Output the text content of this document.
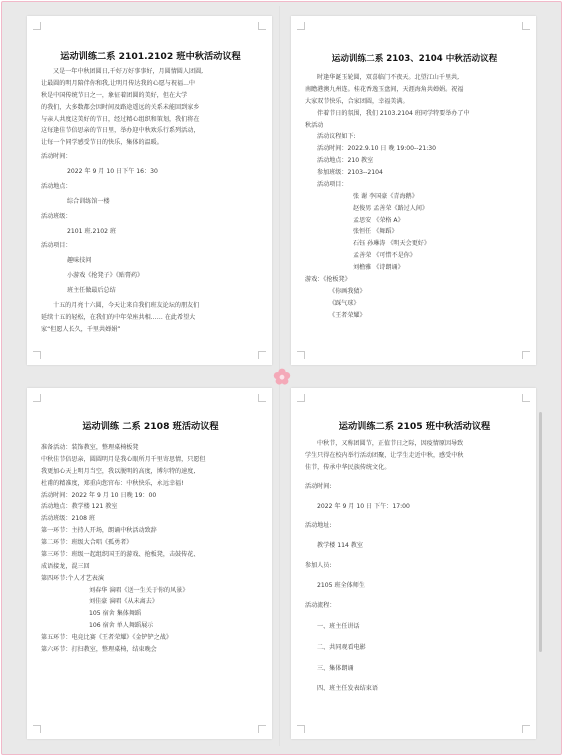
运动训练二系 2101.2102 班中秋活动议程
又是一年中秋团圆日,千好万好事事好，月圆情圆人团圆,
让最圆的明月陪伴你和我,让明月传达我的心愿与祝福...中
秋是中国传统节日之一，象征着团圆的美好，但在大学
的我们，大多数都会因时间及路途遥远的关系未能回到家乡
与亲人共度这美好的节日，经过精心组织和策划，我们将在
这每逢佳节倍思亲的节日里，举办迎中秋欢乐行系列活动，
让每一个同学感受节日的快乐，集体的温暖。
活动时间：
2022 年 9 月 10 日下午 16：30
活动地点：
综合训练馆一楼
活动班级：
2101 班.2102 班
活动项目：
趣味技问
小游戏《抢凳子》《贴膏药》
班主任做最后总结
十五的月亮十六圆，今天让来自我们班友论坛的朋友们
延续十五的轻松，在我们的中年荣座共相…… 在此希望大
家“但愿人长久，千里共婵娟”
运动训练二系 2103、2104 中秋活动议程
时逢华诞玉轮圆，双喜临门不夜天。北望江山千里共,
南瞻港澳九州连。桂花香逸玉盘间，天涯海角共婵娟。祝福
大家双节快乐，合家团圆，幸福美满。
伴着节日的氛围，我们 2103.2104 班同学特要举办了中
秋活动
活动议程如下:
活动时间：2022.9.10 日 晚 19:00--21:30
活动地点：210 教室
参加班级：2103--2104
活动项目：
张 谢 李国豪《青海鹅》
赵俊男 孟善荣《路过人间》
孟思安 《荣格 A》
张恒任 《舞蹈》
石钰 孙琳涛 《明天会更好》
孟善荣 《可惜不是你》
刘橹雅 《诗朗诵》
游戏：《抢板凳》
《你画我猜》
《踩气球》
《王者荣耀》
运动训练 二系 2108 班活动议程
准备活动：装饰教室，整理桌椅板凳
中秋佳节倍思亲，圆圆明月是我心眼所月千里寄思情，只愿但
我更加心天上明月当空，我以脱明的高度，博尔特的速度,
杜甫的精准度，郑重向您官布：中秋快乐，永远幸福!
活动时间：2022 年 9 月 10 日晚 19：00
活动地点：教学楼 121 教室
活动班级：2108 班
第一环节：主持人开场，朗诵中秋活动致辞
第二环节：班级大合唱《孤勇者》
第三环节：班级一起组织国王的游戏、抢板凳，击鼓传花、
成语接龙，混三回
第四环节:个人才艺表演
刘春华 演唱《送一生关于你的风景》
刘佳豪 演唱《从未离去》
105 宿舍 集体舞蹈
106 宿舍 单人舞蹈展示
第五环节：电竞比赛《王者荣耀》《金铲铲之战》
第六环节：打扫教室，整理桌椅，结束晚会
运动训练二系 2105 班中秋活动议程
中秋节，又称团圆节，正值节日之际，因疫情原因导致
学生只得在校内举行活动团聚，让学生走近中秋，感受中秋
佳节，传承中华民族传统文化。
活动时间:
2022 年 9 月 10 日 下午：17:00
活动地址:
教学楼 114 教室
参加人员:
2105 班全体师生
活动流程：
一、班主任讲话
二、共同观看电影
三、集体朗诵
四、班主任发表结束语
